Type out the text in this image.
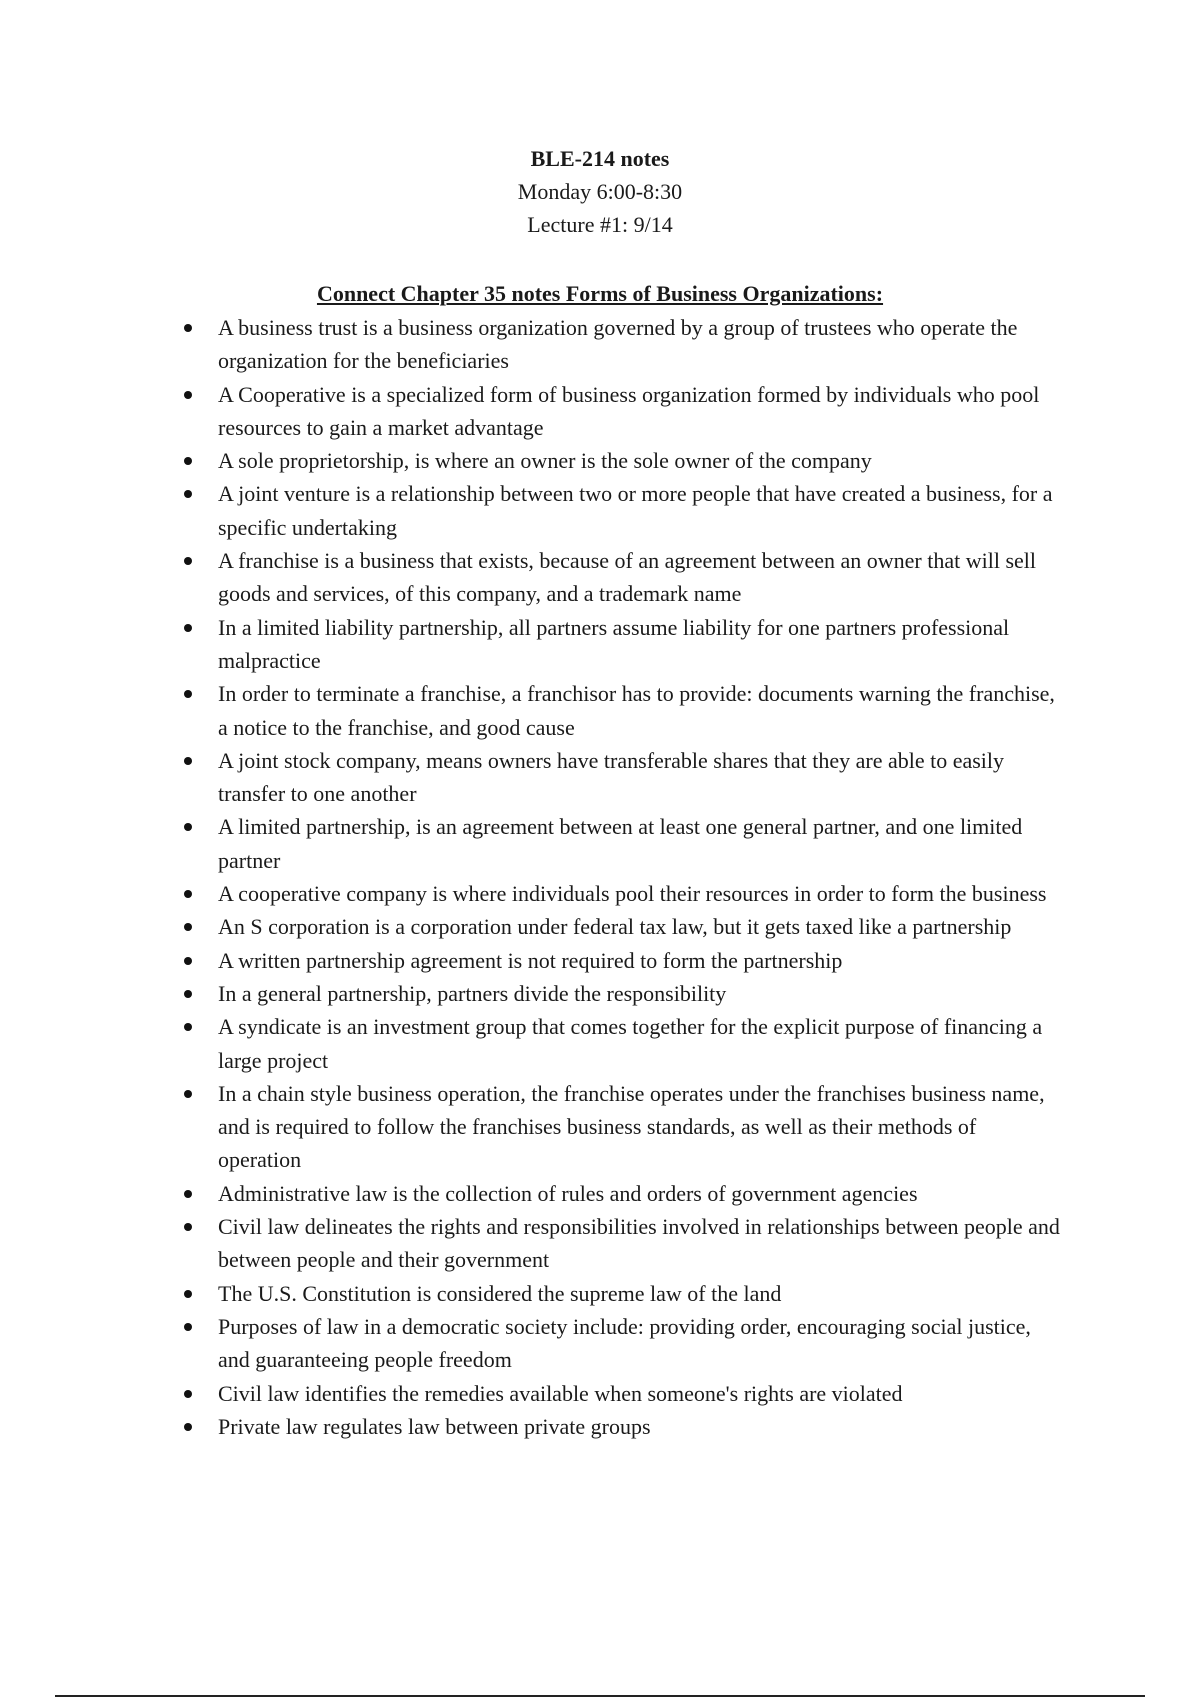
BLE-214 notes
Monday 6:00-8:30
Lecture #1: 9/14
Connect Chapter 35 notes Forms of Business Organizations:
A business trust is a business organization governed by a group of trustees who operate the organization for the beneficiaries
A Cooperative is a specialized form of business organization formed by individuals who pool resources to gain a market advantage
A sole proprietorship, is where an owner is the sole owner of the company
A joint venture is a relationship between two or more people that have created a business, for a specific undertaking
A franchise is a business that exists, because of an agreement between an owner that will sell goods and services, of this company, and a trademark name
In a limited liability partnership, all partners assume liability for one partners professional malpractice
In order to terminate a franchise, a franchisor has to provide: documents warning the franchise, a notice to the franchise, and good cause
A joint stock company, means owners have transferable shares that they are able to easily transfer to one another
A limited partnership, is an agreement between at least one general partner, and one limited partner
A cooperative company is where individuals pool their resources in order to form the business
An S corporation is a corporation under federal tax law, but it gets taxed like a partnership
A written partnership agreement is not required to form the partnership
In a general partnership, partners divide the responsibility
A syndicate is an investment group that comes together for the explicit purpose of financing a large project
In a chain style business operation, the franchise operates under the franchises business name, and is required to follow the franchises business standards, as well as their methods of operation
Administrative law is the collection of rules and orders of government agencies
Civil law delineates the rights and responsibilities involved in relationships between people and between people and their government
The U.S. Constitution is considered the supreme law of the land
Purposes of law in a democratic society include: providing order, encouraging social justice, and guaranteeing people freedom
Civil law identifies the remedies available when someone's rights are violated
Private law regulates law between private groups
